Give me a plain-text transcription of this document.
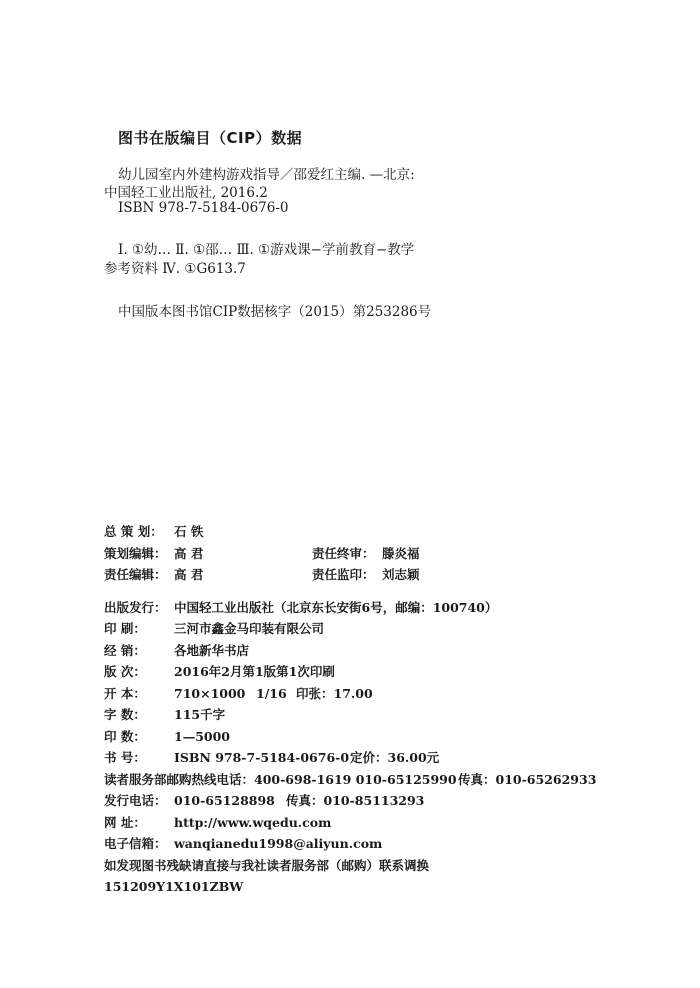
图书在版编目（CIP）数据
幼儿园室内外建构游戏指导／邵爱红主编. —北京:
中国轻工业出版社, 2016.2
ISBN 978-7-5184-0676-0
Ⅰ. ①幼… Ⅱ. ①邵… Ⅲ. ①游戏课−学前教育−教学
参考资料 Ⅳ. ①G613.7
中国版本图书馆CIP数据核字（2015）第253286号
总 策 划： 石 铁
策划编辑： 高 君	责任终审： 滕炎福
责任编辑： 高 君	责任监印： 刘志颖
出版发行： 中国轻工业出版社（北京东长安街6号，邮编：100740）
印 刷：	三河市鑫金马印装有限公司
经 销：	各地新华书店
版 次：	2016年2月第1版第1次印刷
开 本：	710×1000 1/16 印张： 17.00
字 数：	115千字
印 数：	1—5000
书 号：	ISBN 978-7-5184-0676-0 定价： 36.00元
读者服务部邮购热线电话： 400-698-1619 010-65125990 传真： 010-65262933
发行电话： 010-65128898 传真： 010-85113293
网 址：	http://www.wqedu.com
电子信箱： wanqianedu1998@aliyun.com
如发现图书残缺请直接与我社读者服务部（邮购）联系调换
151209Y1X101ZBW
